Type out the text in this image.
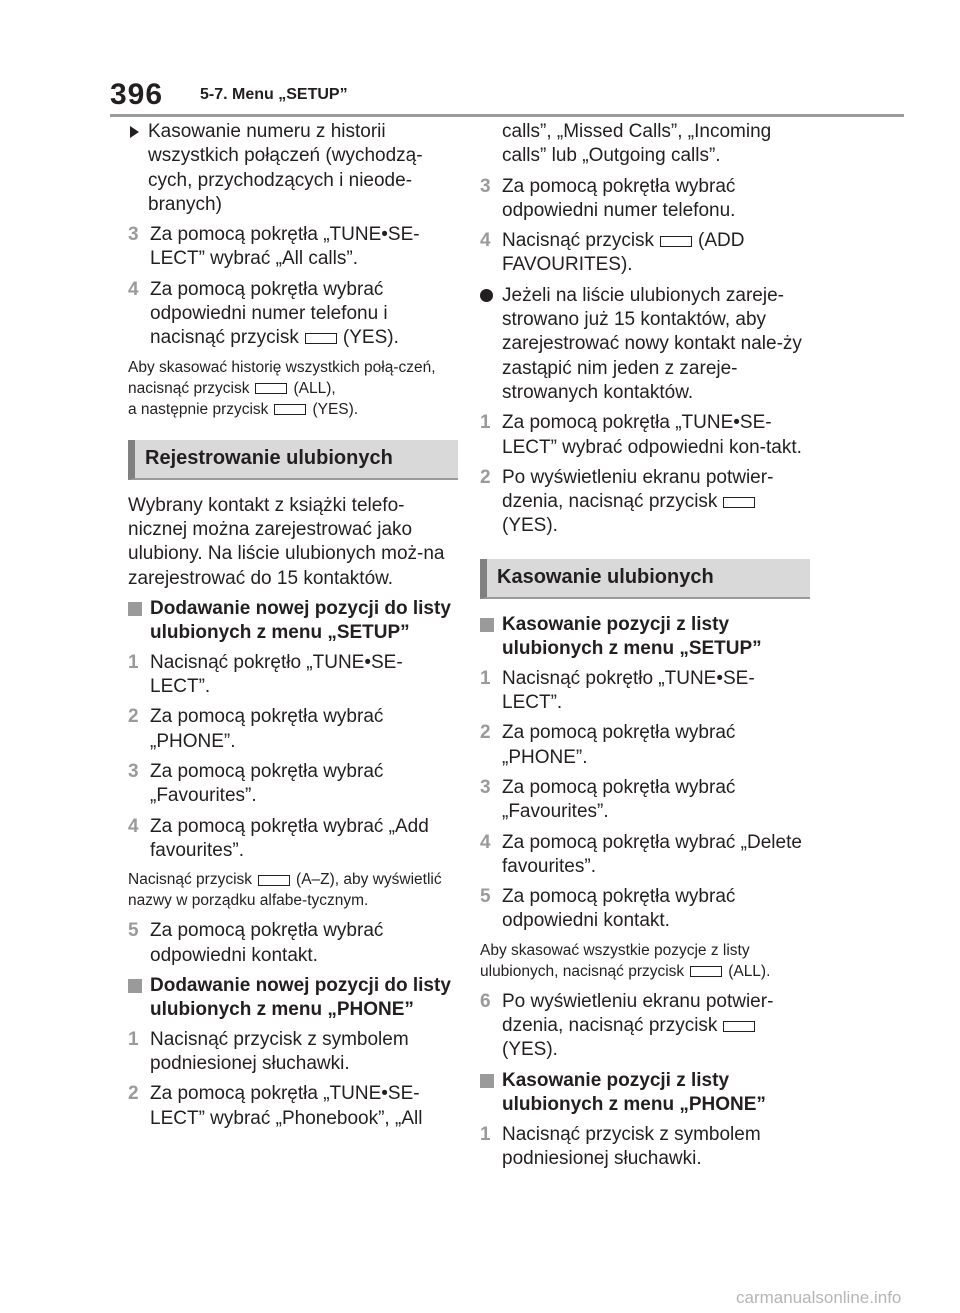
396 5-7. Menu „SETUP”
Kasowanie numeru z historii wszystkich połączeń (wychodzą-cych, przychodzących i nieode-branych)
3 Za pomocą pokrętła „TUNE•SE-LECT” wybrać „All calls”.
4 Za pomocą pokrętła wybrać odpowiedni numer telefonu i nacisnąć przycisk (YES).
Aby skasować historię wszystkich połą-czeń, nacisnąć przycisk	(ALL),
a następnie przycisk	(YES).
Rejestrowanie ulubionych
Wybrany kontakt z książki telefo-nicznej można zarejestrować jako ulubiony. Na liście ulubionych moż-na zarejestrować do 15 kontaktów.
Dodawanie nowej pozycji do listy ulubionych z menu „SETUP”
1 Nacisnąć pokrętło „TUNE•SE-LECT”.
2 Za pomocą pokrętła wybrać „PHONE”.
3 Za pomocą pokrętła wybrać „Favourites”.
4 Za pomocą pokrętła wybrać „Add favourites”.
Nacisnąć przycisk	(A–Z), aby wyświetlić nazwy w porządku alfabe-tycznym.
5 Za pomocą pokrętła wybrać odpowiedni kontakt.
Dodawanie nowej pozycji do listy ulubionych z menu „PHONE”
1 Nacisnąć przycisk z symbolem podniesionej słuchawki.
2 Za pomocą pokrętła „TUNE•SE-LECT” wybrać „Phonebook”, „All
calls”, „Missed Calls”, „Incoming calls” lub „Outgoing calls”.
3 Za pomocą pokrętła wybrać odpowiedni numer telefonu.
4 Nacisnąć przycisk (ADD FAVOURITES).
Jeżeli na liście ulubionych zareje-strowano już 15 kontaktów, aby zarejestrować nowy kontakt nale-ży zastąpić nim jeden z zareje-strowanych kontaktów.
1 Za pomocą pokrętła „TUNE•SE-LECT” wybrać odpowiedni kon-takt.
2 Po wyświetleniu ekranu potwier-dzenia, nacisnąć przycisk(YES).
Kasowanie ulubionych
Kasowanie pozycji z listy ulubionych z menu „SETUP”
1 Nacisnąć pokrętło „TUNE•SE-LECT”.
2 Za pomocą pokrętła wybrać „PHONE”.
3 Za pomocą pokrętła wybrać „Favourites”.
4 Za pomocą pokrętła wybrać „Delete favourites”.
5 Za pomocą pokrętła wybrać odpowiedni kontakt.
Aby skasować wszystkie pozycje z listy ulubionych, nacisnąć przycisk	(ALL).
6 Po wyświetleniu ekranu potwier-dzenia, nacisnąć przycisk(YES).
Kasowanie pozycji z listy ulubionych z menu „PHONE”
1 Nacisnąć przycisk z symbolem podniesionej słuchawki.
carmanualsonline.info
